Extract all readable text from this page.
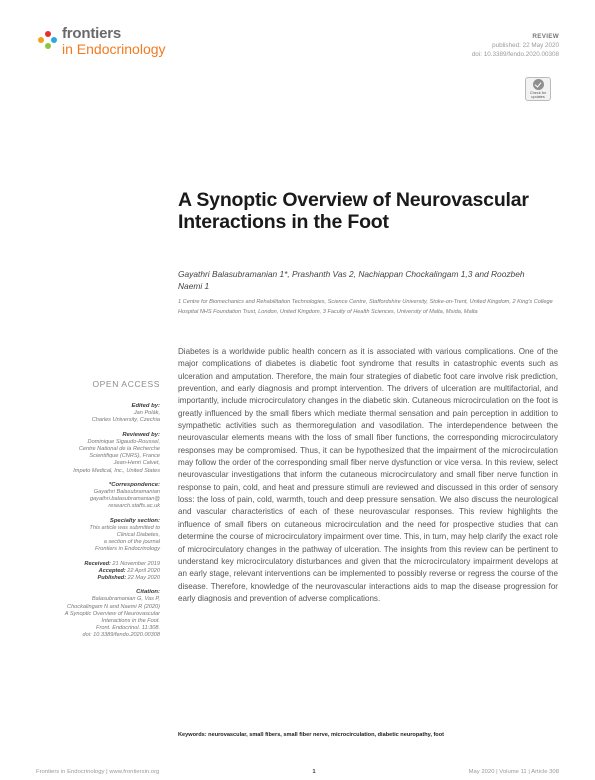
frontiers
in Endocrinology
REVIEW
published: 22 May 2020
doi: 10.3389/fendo.2020.00308
Check for
updates
A Synoptic Overview of Neurovascular Interactions in the Foot
Gayathri Balasubramanian 1*, Prashanth Vas 2, Nachiappan Chockalingam 1,3 and Roozbeh Naemi 1
1 Centre for Biomechanics and Rehabilitation Technologies, Science Centre, Staffordshire University, Stoke-on-Trent, United Kingdom, 2 King's College Hospital NHS Foundation Trust, London, United Kingdom, 3 Faculty of Health Sciences, University of Malta, Msida, Malta
OPEN ACCESS
Edited by:
Jan Polák,
Charles University, Czechia
Reviewed by:
Dominique Sigaudo-Roussel,
Centre National de la Recherche
Scientifique (CNRS), France
Jean-Henri Calvet,
Impeto Medical, Inc., United States
*Correspondence:
Gayathri Balasubramanian
gayathri.balasubramanian@
research.staffs.ac.uk
Specialty section:
This article was submitted to
Clinical Diabetes,
a section of the journal
Frontiers in Endocrinology
Received: 21 November 2019
Accepted: 22 April 2020
Published: 22 May 2020
Citation:
Balasubramanian G, Vas P,
Chockalingam N and Naemi R (2020)
A Synoptic Overview of Neurovascular
Interactions in the Foot.
Front. Endocrinol. 11:308.
doi: 10.3389/fendo.2020.00308

Diabetes is a worldwide public health concern as it is associated with various complications. One of the major complications of diabetes is diabetic foot syndrome that results in catastrophic events such as ulceration and amputation. Therefore, the main four strategies of diabetic foot care involve risk prediction, prevention, and early diagnosis and prompt intervention. The drivers of ulceration are multifactorial, and importantly, include microcirculatory changes in the diabetic skin. Cutaneous microcirculation on the foot is greatly influenced by the small fibers which mediate thermal sensation and pain perception in addition to sympathetic activities such as thermoregulation and vasodilation. The interdependence between the neurovascular elements means with the loss of small fiber functions, the corresponding microcirculatory responses may be compromised. Thus, it can be hypothesized that the impairment of the microcirculation may follow the order of the corresponding small fiber nerve dysfunction or vice versa. In this review, select neurovascular investigations that inform the cutaneous microcirculatory and small fiber nerve function in response to pain, cold, and heat and pressure stimuli are reviewed and discussed in this order of sensory loss: the loss of pain, cold, warmth, touch and deep pressure sensation. We also discuss the neurological and vascular characteristics of each of these neurovascular responses. This review highlights the influence of small fibers on cutaneous microcirculation and the need for prospective studies that can determine the course of microcirculatory impairment over time. This, in turn, may help clarify the exact role of microcirculatory changes in the pathway of ulceration. The insights from this review can be pertinent to understand key microcirculatory disturbances and given that the microcirculatory impairment develops at an early stage, relevant interventions can be implemented to possibly reverse or regress the course of the disease. Therefore, knowledge of the neurovascular interactions aids to map the disease progression for early diagnosis and prevention of adverse complications.

Keywords: neurovascular, small fibers, small fiber nerve, microcirculation, diabetic neuropathy, foot
Frontiers in Endocrinology | www.frontiersin.org	1	May 2020 | Volume 11 | Article 308
